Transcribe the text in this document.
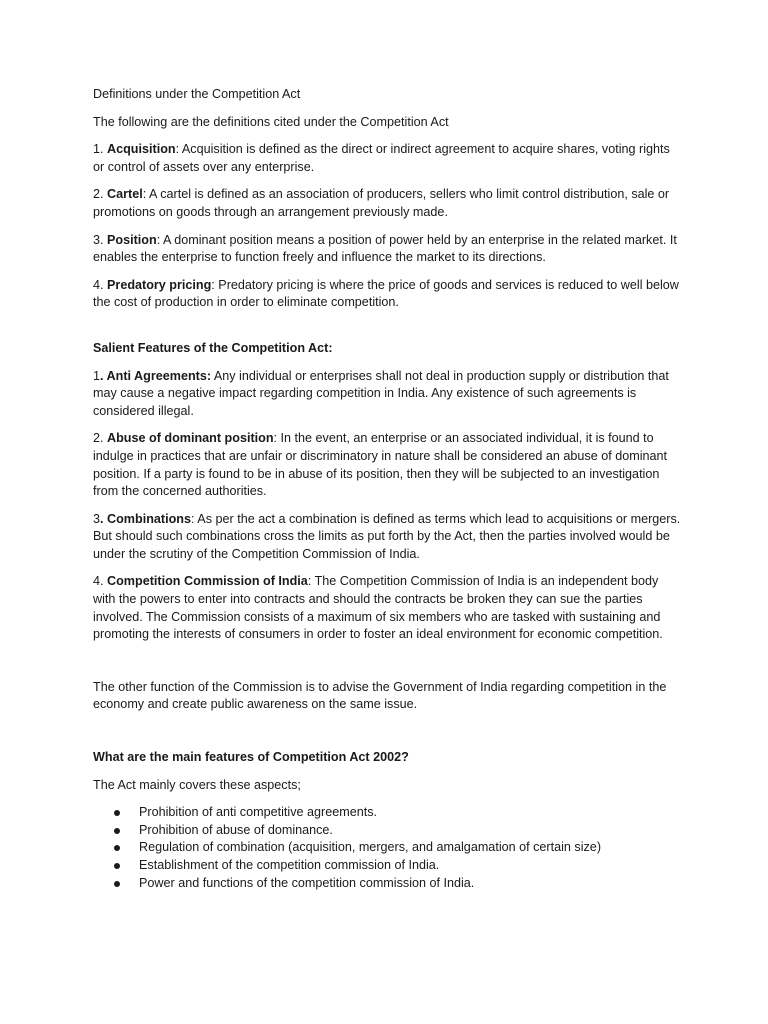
Definitions under the Competition Act

The following are the definitions cited under the Competition Act

1. Acquisition: Acquisition is defined as the direct or indirect agreement to acquire shares, voting rights or control of assets over any enterprise.

2. Cartel: A cartel is defined as an association of producers, sellers who limit control distribution, sale or promotions on goods through an arrangement previously made.

3. Position: A dominant position means a position of power held by an enterprise in the related market. It enables the enterprise to function freely and influence the market to its directions.

4. Predatory pricing: Predatory pricing is where the price of goods and services is reduced to well below the cost of production in order to eliminate competition.

Salient Features of the Competition Act:

1. Anti Agreements: Any individual or enterprises shall not deal in production supply or distribution that may cause a negative impact regarding competition in India. Any existence of such agreements is considered illegal.

2. Abuse of dominant position: In the event, an enterprise or an associated individual, it is found to indulge in practices that are unfair or discriminatory in nature shall be considered an abuse of dominant position. If a party is found to be in abuse of its position, then they will be subjected to an investigation from the concerned authorities.

3. Combinations: As per the act a combination is defined as terms which lead to acquisitions or mergers. But should such combinations cross the limits as put forth by the Act, then the parties involved would be under the scrutiny of the Competition Commission of India.

4. Competition Commission of India: The Competition Commission of India is an independent body with the powers to enter into contracts and should the contracts be broken they can sue the parties involved. The Commission consists of a maximum of six members who are tasked with sustaining and promoting the interests of consumers in order to foster an ideal environment for economic competition.

The other function of the Commission is to advise the Government of India regarding competition in the economy and create public awareness on the same issue.

What are the main features of Competition Act 2002?

The Act mainly covers these aspects;

Prohibition of anti competitive agreements.
Prohibition of abuse of dominance.
Regulation of combination (acquisition, mergers, and amalgamation of certain size)
Establishment of the competition commission of India.
Power and functions of the competition commission of India.
